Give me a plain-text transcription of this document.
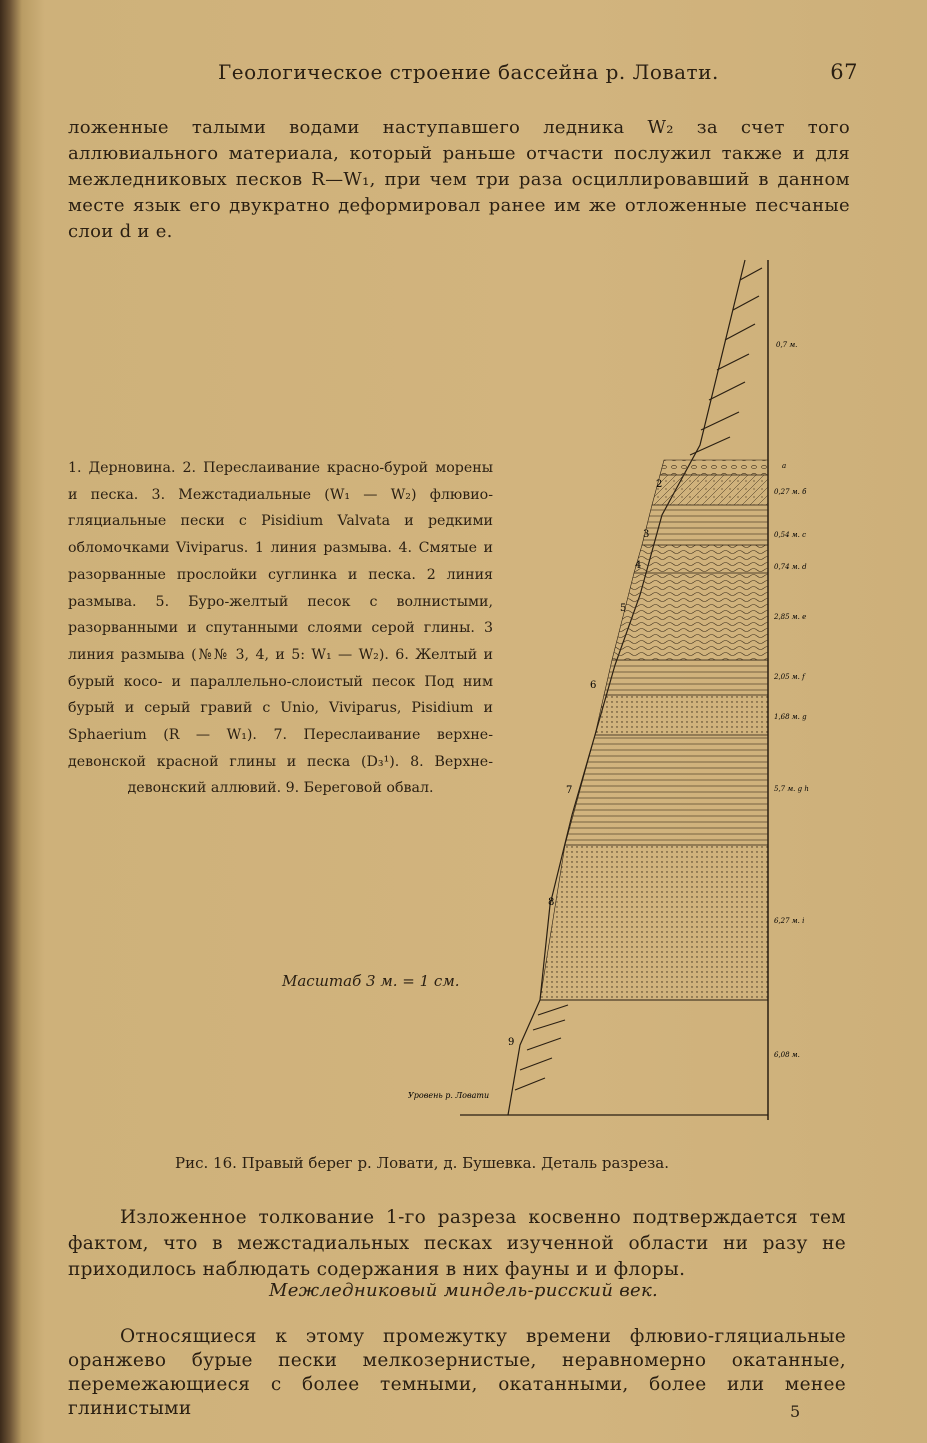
Геологическое строение бассейна р. Ловати.	67
ложенные талыми водами наступавшего ледника W₂ за счет того аллювиального материала, который раньше отчасти послужил также и для межледниковых песков R—W₁, при чем три раза осциллировавший в данном месте язык его двукратно деформировал ранее им же отложенные песчаные слои d и e.
1. Дерновина. 2. Переслаивание красно-бурой морены и песка. 3. Межстадиальные (W₁ — W₂) флювио-гляциальные пески с Pisidium Valvata и редкими обломочками Viviparus. 1 линия размыва. 4. Смятые и разорванные прослойки суглинка и песка. 2 линия размыва. 5. Буро-желтый песок с волнистыми, разорванными и спутанными слоями серой глины. 3 линия размыва (№№ 3, 4, и 5: W₁ — W₂). 6. Желтый и бурый косо- и параллельно-слоистый песок Под ним бурый и серый гравий с Unio, Viviparus, Pisidium и Sphaerium (R — W₁). 7. Переслаивание верхне-девонской красной глины и песка (D₃¹). 8. Верхне-девонский аллювий. 9. Береговой обвал.
Масштаб 3 м. = 1 см.
2
3
4
5
6
7
8
9
0,7 м.
а
0,27 м. б
0,54 м. с
0,74 м. d
2,85 м. е
2,05 м. f
1,68 м. g
5,7 м. g h
6,27 м. i
6,08 м.
Уровень р. Ловати
Рис. 16. Правый берег р. Ловати, д. Бушевка. Деталь разреза.
Изложенное толкование 1-го разреза косвенно подтверждается тем фактом, что в межстадиальных песках изученной области ни разу не приходилось наблюдать содержания в них фауны и и флоры.
Межледниковый миндель-рисский век.
Относящиеся к этому промежутку времени флювио-гляциальные оранжево бурые пески мелкозернистые, неравномерно окатанные, перемежающиеся с более темными, окатанными, более или менее глинистыми	5
